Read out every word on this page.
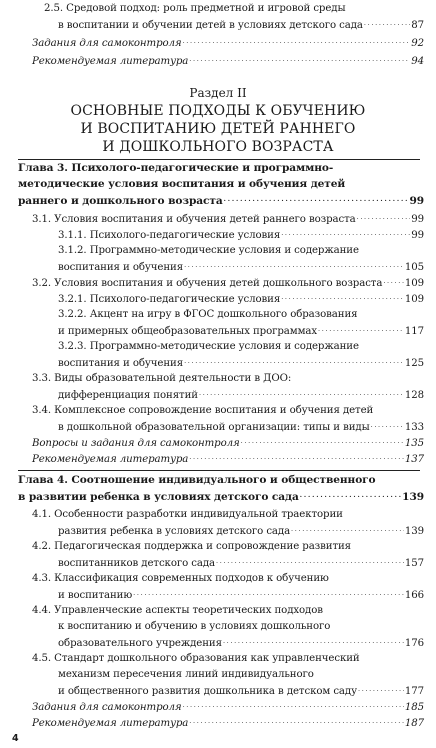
2.5. Средовой подход: роль предметной и игровой среды
в воспитании и обучении детей в условиях детского сада . . .	87
Задания для самоконтроля . . .	92
Рекомендуемая литература . . .	94
Раздел II
ОСНОВНЫЕ ПОДХОДЫ К ОБУЧЕНИЮ
И ВОСПИТАНИЮ ДЕТЕЙ РАННЕГО
И ДОШКОЛЬНОГО ВОЗРАСТА
Глава 3. Психолого-педагогические и программно-
методические условия воспитания и обучения детей
раннего и дошкольного возраста . . .	99
3.1. Условия воспитания и обучения детей раннего возраста . . .	99
3.1.1. Психолого-педагогические условия . . .	99
3.1.2. Программно-методические условия и содержание
воспитания и обучения . . .	105
3.2. Условия воспитания и обучения детей дошкольного возраста . . . 109
3.2.1. Психолого-педагогические условия . . .	109
3.2.2. Акцент на игру в ФГОС дошкольного образования
и примерных общеобразовательных программах . . .	117
3.2.3. Программно-методические условия и содержание
воспитания и обучения . . .	125
3.3. Виды образовательной деятельности в ДОО:
дифференциация понятий . . .	128
3.4. Комплексное сопровождение воспитания и обучения детей
в дошкольной образовательной организации: типы и виды . . .	133
Вопросы и задания для самоконтроля . . .	135
Рекомендуемая литература . . .	137
Глава 4. Соотношение индивидуального и общественного
в развитии ребенка в условиях детского сада . . .	139
4.1. Особенности разработки индивидуальной траектории
развития ребенка в условиях детского сада . . .	139
4.2. Педагогическая поддержка и сопровождение развития
воспитанников детского сада . . .	157
4.3. Классификация современных подходов к обучению
и воспитанию . . .	166
4.4. Управленческие аспекты теоретических подходов
к воспитанию и обучению в условиях дошкольного
образовательного учреждения . . .	176
4.5. Стандарт дошкольного образования как управленческий
механизм пересечения линий индивидуального
и общественного развития дошкольника в детском саду . . .	177
Задания для самоконтроля . . .	185
Рекомендуемая литература . . .	187
4
